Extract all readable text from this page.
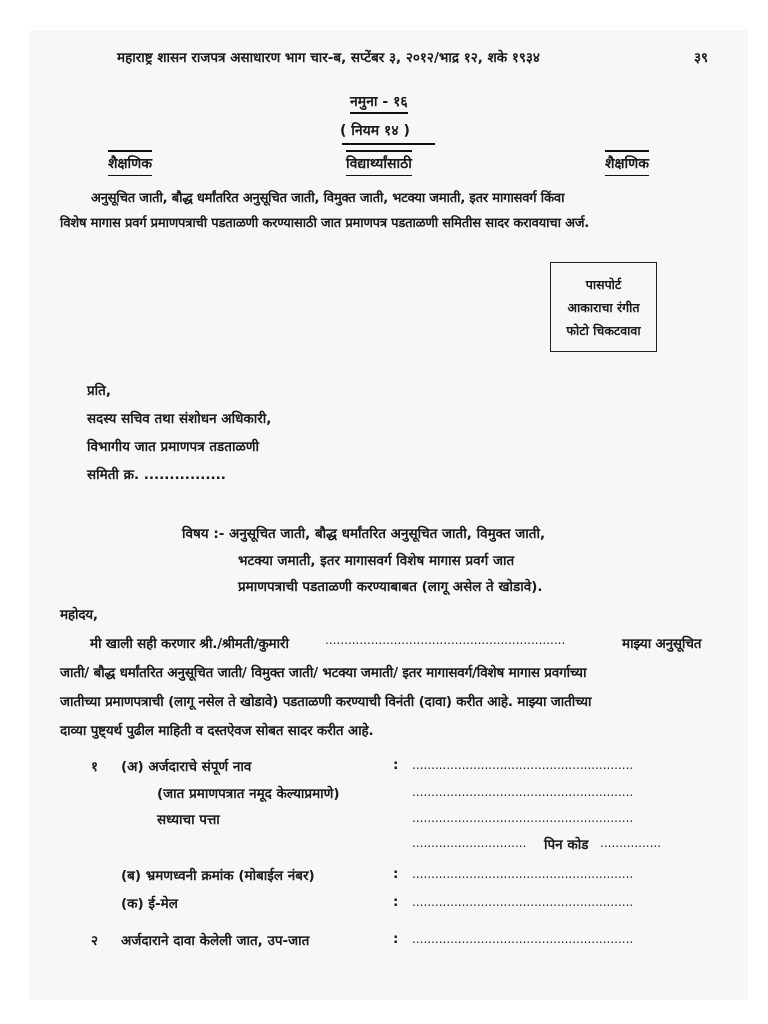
महाराष्ट्र शासन राजपत्र असाधारण भाग चार-ब, सप्टेंबर ३, २०१२/भाद्र १२, शके १९३४	३९
नमुना - १६
( नियम १४ )
शैक्षणिक	विद्यार्थ्यांसाठी	शैक्षणिक
अनुसूचित जाती, बौद्ध धर्मांतरित अनुसूचित जाती, विमुक्त जाती, भटक्या जमाती, इतर मागासवर्ग किंवा
विशेष मागास प्रवर्ग प्रमाणपत्राची पडताळणी करण्यासाठी जात प्रमाणपत्र पडताळणी समितीस सादर करावयाचा अर्ज.
पासपोर्ट
आकाराचा रंगीत
फोटो चिकटवावा
प्रति,
सदस्य सचिव तथा संशोधन अधिकारी,
विभागीय जात प्रमाणपत्र तडताळणी
समिती क्र. ................
विषय :- अनुसूचित जाती, बौद्ध धर्मांतरित अनुसूचित जाती, विमुक्त जाती,
भटक्या जमाती, इतर मागासवर्ग विशेष मागास प्रवर्ग जात
प्रमाणपत्राची पडताळणी करण्याबाबत (लागू असेल ते खोडावे).
महोदय,
मी खाली सही करणार श्री./श्रीमती/कुमारी	...............................................................	माझ्या अनुसूचित
जाती/ बौद्ध धर्मांतरित अनुसूचित जाती/ विमुक्त जाती/ भटक्या जमाती/ इतर मागासवर्ग/विशेष मागास प्रवर्गाच्या
जातीच्या प्रमाणपत्राची (लागू नसेल ते खोडावे) पडताळणी करण्याची विनंती (दावा) करीत आहे. माझ्या जातीच्या
दाव्या पुष्ट्यर्थ पुढील माहिती व दस्तऐवज सोबत सादर करीत आहे.
१ (अ) अर्जदाराचे संपूर्ण नाव	: ..........................................................
(जात प्रमाणपत्रात नमूद केल्याप्रमाणे)	..........................................................
सध्याचा पत्ता	..........................................................
.............................. पिन कोड ................
(ब) भ्रमणध्वनी क्रमांक (मोबाईल नंबर)	: ..........................................................
(क) ई-मेल	: ..........................................................
२ अर्जदाराने दावा केलेली जात, उप-जात	: ..........................................................
